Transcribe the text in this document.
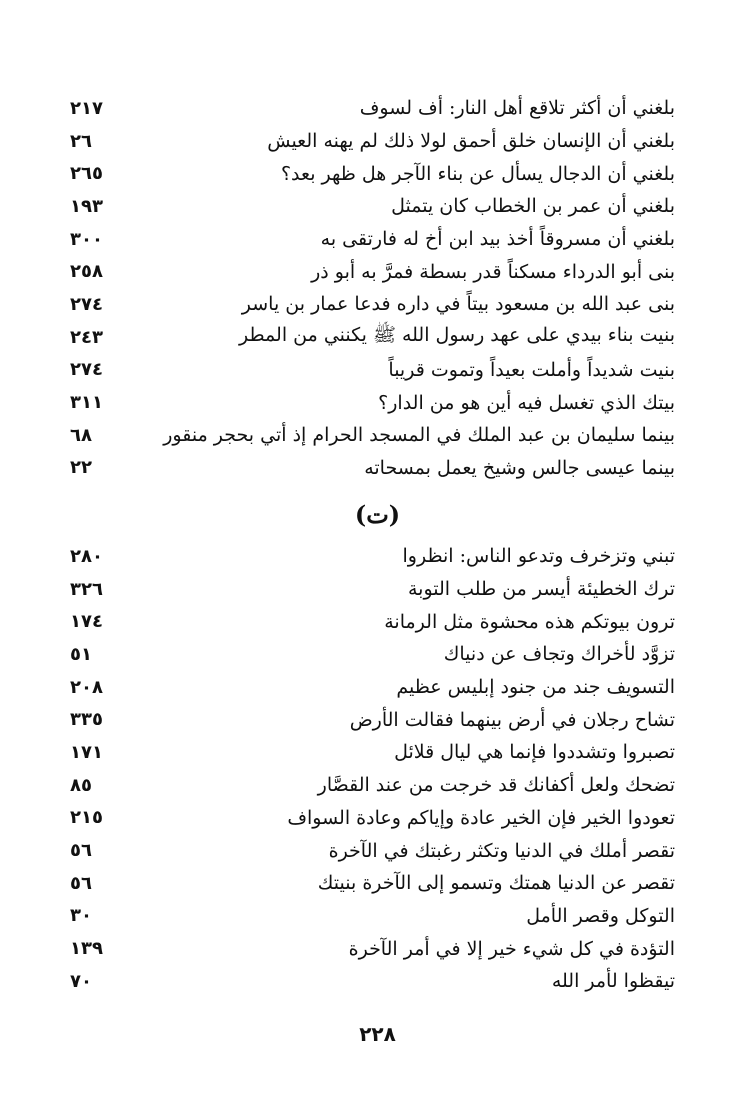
بلغني أن أكثر تلاقع أهل النار: أف لسوف
٢١٧
بلغني أن الإنسان خلق أحمق لولا ذلك لم يهنه العيش
٢٦
بلغني أن الدجال يسأل عن بناء الآجر هل ظهر بعد؟
٢٦٥
بلغني أن عمر بن الخطاب كان يتمثل
١٩٣
بلغني أن مسروقاً أخذ بيد ابن أخ له فارتقى به
٣٠٠
بنى أبو الدرداء مسكناً قدر بسطة فمرَّ به أبو ذر
٢٥٨
بنى عبد الله بن مسعود بيتاً في داره فدعا عمار بن ياسر
٢٧٤
بنيت بناء بيدي على عهد رسول الله ﷺ يكنني من المطر
٢٤٣
بنيت شديداً وأملت بعيداً وتموت قريباً
٢٧٤
بيتك الذي تغسل فيه أين هو من الدار؟
٣١١
بينما سليمان بن عبد الملك في المسجد الحرام إذ أتي بحجر منقور
٦٨
بينما عيسى جالس وشيخ يعمل بمسحاته
٢٢
(ت)
تبني وتزخرف وتدعو الناس: انظروا
٢٨٠
ترك الخطيئة أيسر من طلب التوبة
٣٢٦
ترون بيوتكم هذه محشوة مثل الرمانة
١٧٤
تزوَّد لأخراك وتجاف عن دنياك
٥١
التسويف جند من جنود إبليس عظيم
٢٠٨
تشاح رجلان في أرض بينهما فقالت الأرض
٣٣٥
تصبروا وتشددوا فإنما هي ليال قلائل
١٧١
تضحك ولعل أكفانك قد خرجت من عند القصَّار
٨٥
تعودوا الخير فإن الخير عادة وإياكم وعادة السواف
٢١٥
تقصر أملك في الدنيا وتكثر رغبتك في الآخرة
٥٦
تقصر عن الدنيا همتك وتسمو إلى الآخرة بنيتك
٥٦
التوكل وقصر الأمل
٣٠
التؤدة في كل شيء خير إلا في أمر الآخرة
١٣٩
تيقظوا لأمر الله
٧٠
٢٢٨
